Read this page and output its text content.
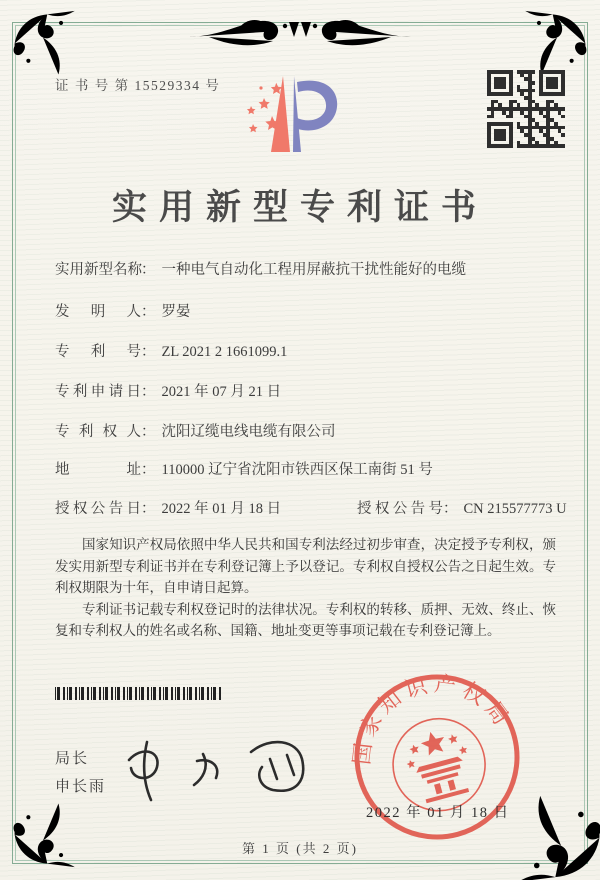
证 书 号 第 15529334 号
实用新型专利证书
实用新型名称： 一种电气自动化工程用屏蔽抗干扰性能好的电缆
发明人： 罗晏
专利号： ZL 2021 2 1661099.1
专利申请日： 2021 年 07 月 21 日
专利权人： 沈阳辽缆电线电缆有限公司
地址： 110000 辽宁省沈阳市铁西区保工南街 51 号
授权公告日： 2022 年 01 月 18 日	授权公告号： CN 215577773 U

国家知识产权局依照中华人民共和国专利法经过初步审查，决定授予专利权，颁发实用新型专利证书并在专利登记簿上予以登记。专利权自授权公告之日起生效。专利权期限为十年，自申请日起算。

专利证书记载专利权登记时的法律状况。专利权的转移、质押、无效、终止、恢复和专利权人的姓名或名称、国籍、地址变更等事项记载在专利登记簿上。

局长
申长雨
国家知识产权局
2022 年 01 月 18 日
第 1 页 (共 2 页)
